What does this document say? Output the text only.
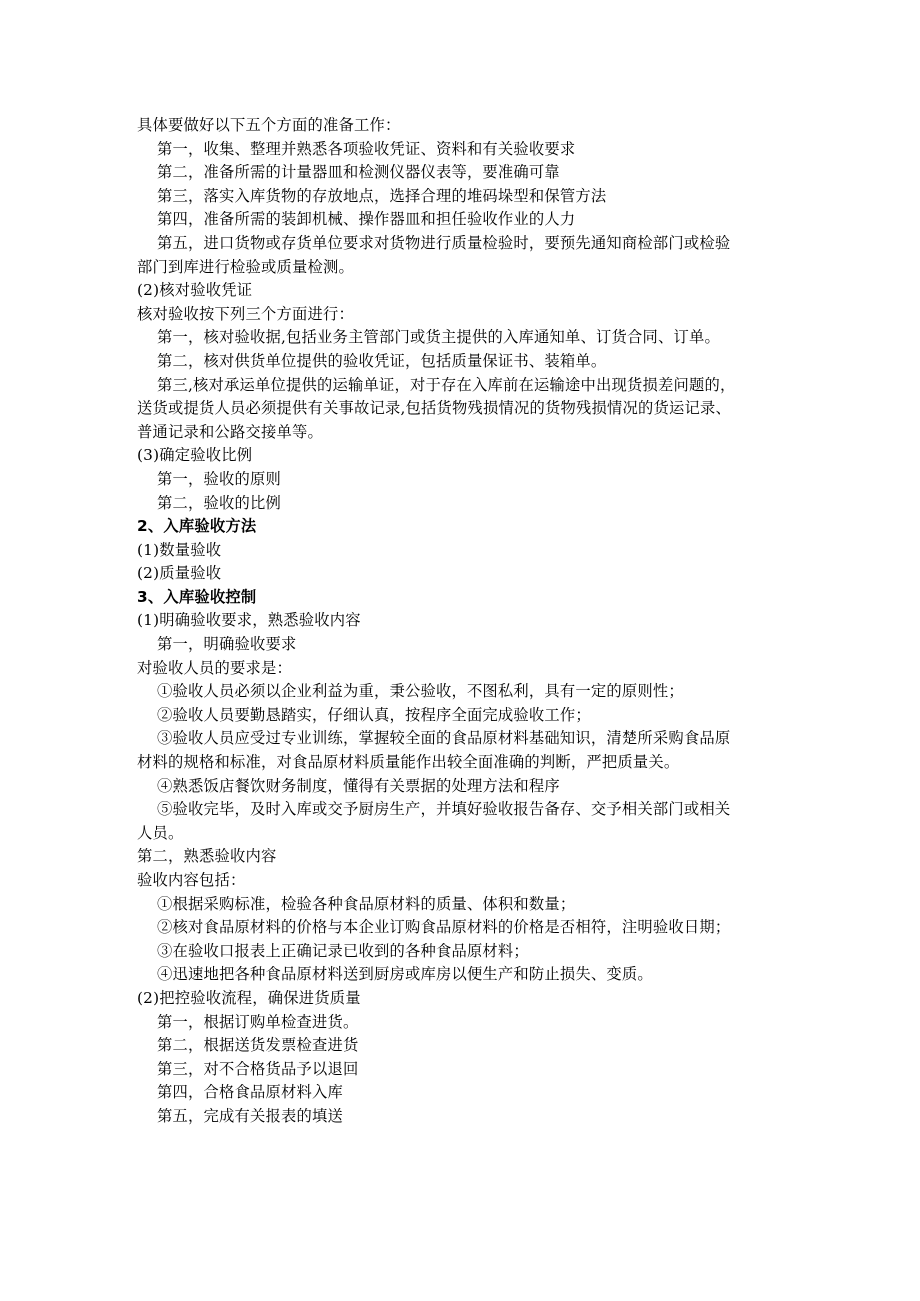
具体要做好以下五个方面的准备工作：
第一，收集、整理并熟悉各项验收凭证、资料和有关验收要求
第二，准备所需的计量器皿和检测仪器仪表等，要准确可靠
第三，落实入库货物的存放地点，选择合理的堆码垛型和保管方法
第四，准备所需的装卸机械、操作器皿和担任验收作业的人力
第五，进口货物或存货单位要求对货物进行质量检验时，要预先通知商检部门或检验
部门到库进行检验或质量检测。
(2)核对验收凭证
核对验收按下列三个方面进行：
第一，核对验收据,包括业务主管部门或货主提供的入库通知单、订货合同、订单。
第二，核对供货单位提供的验收凭证，包括质量保证书、装箱单。
第三,核对承运单位提供的运输单证，对于存在入库前在运输途中出现货损差问题的，
送货或提货人员必须提供有关事故记录,包括货物残损情况的货物残损情况的货运记录、
普通记录和公路交接单等。
(3)确定验收比例
第一，验收的原则
第二，验收的比例
2、入库验收方法
(1)数量验收
(2)质量验收
3、入库验收控制
(1)明确验收要求，熟悉验收内容
第一，明确验收要求
对验收人员的要求是：
①验收人员必须以企业利益为重，秉公验收，不图私利，具有一定的原则性；
②验收人员要勤恳踏实，仔细认真，按程序全面完成验收工作；
③验收人员应受过专业训练，掌握较全面的食品原材料基础知识，清楚所采购食品原
材料的规格和标准，对食品原材料质量能作出较全面准确的判断，严把质量关。
④熟悉饭店餐饮财务制度，懂得有关票据的处理方法和程序
⑤验收完毕，及时入库或交予厨房生产，并填好验收报告备存、交予相关部门或相关
人员。
第二，熟悉验收内容
验收内容包括：
①根据采购标准，检验各种食品原材料的质量、体积和数量；
②核对食品原材料的价格与本企业订购食品原材料的价格是否相符，注明验收日期；
③在验收口报表上正确记录已收到的各种食品原材料；
④迅速地把各种食品原材料送到厨房或库房以便生产和防止损失、变质。
(2)把控验收流程，确保进货质量
第一，根据订购单检查进货。
第二，根据送货发票检查进货
第三，对不合格货品予以退回
第四，合格食品原材料入库
第五，完成有关报表的填送
